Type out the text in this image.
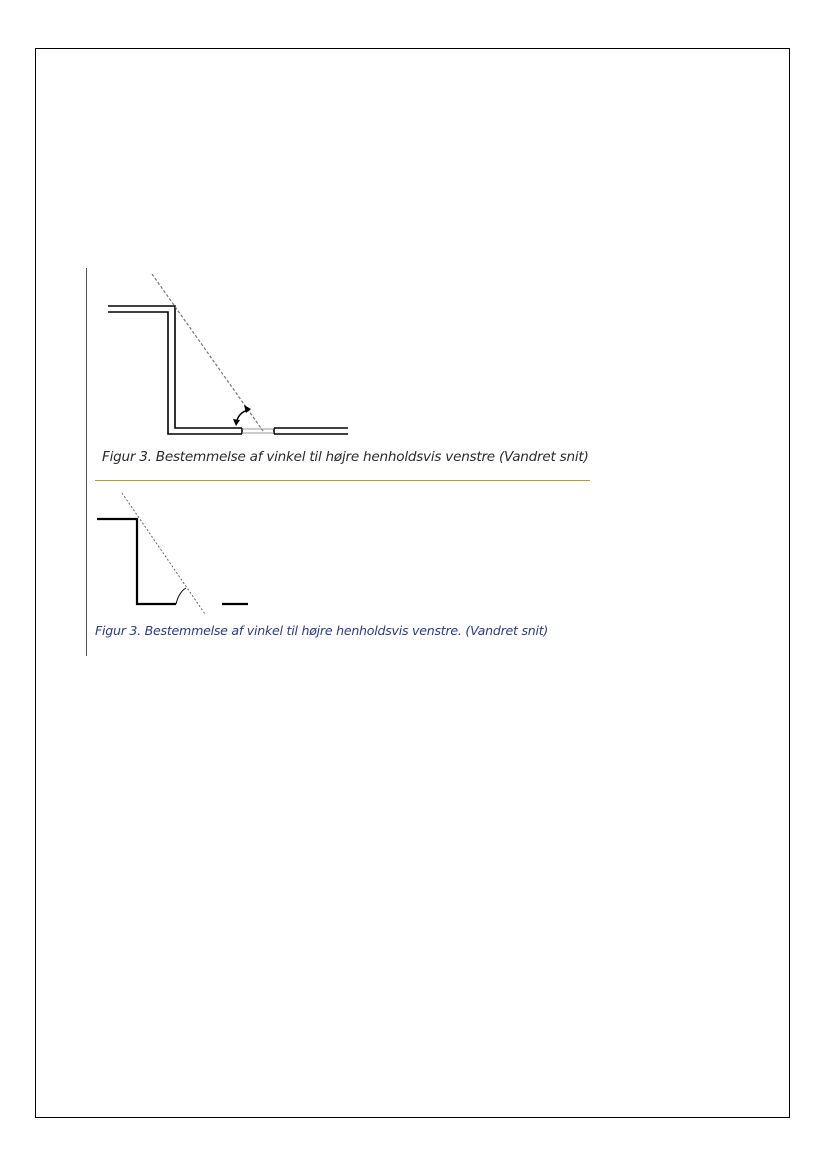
Figur 3. Bestemmelse af vinkel til højre henholdsvis venstre (Vandret snit)
Figur 3. Bestemmelse af vinkel til højre henholdsvis venstre. (Vandret snit)
